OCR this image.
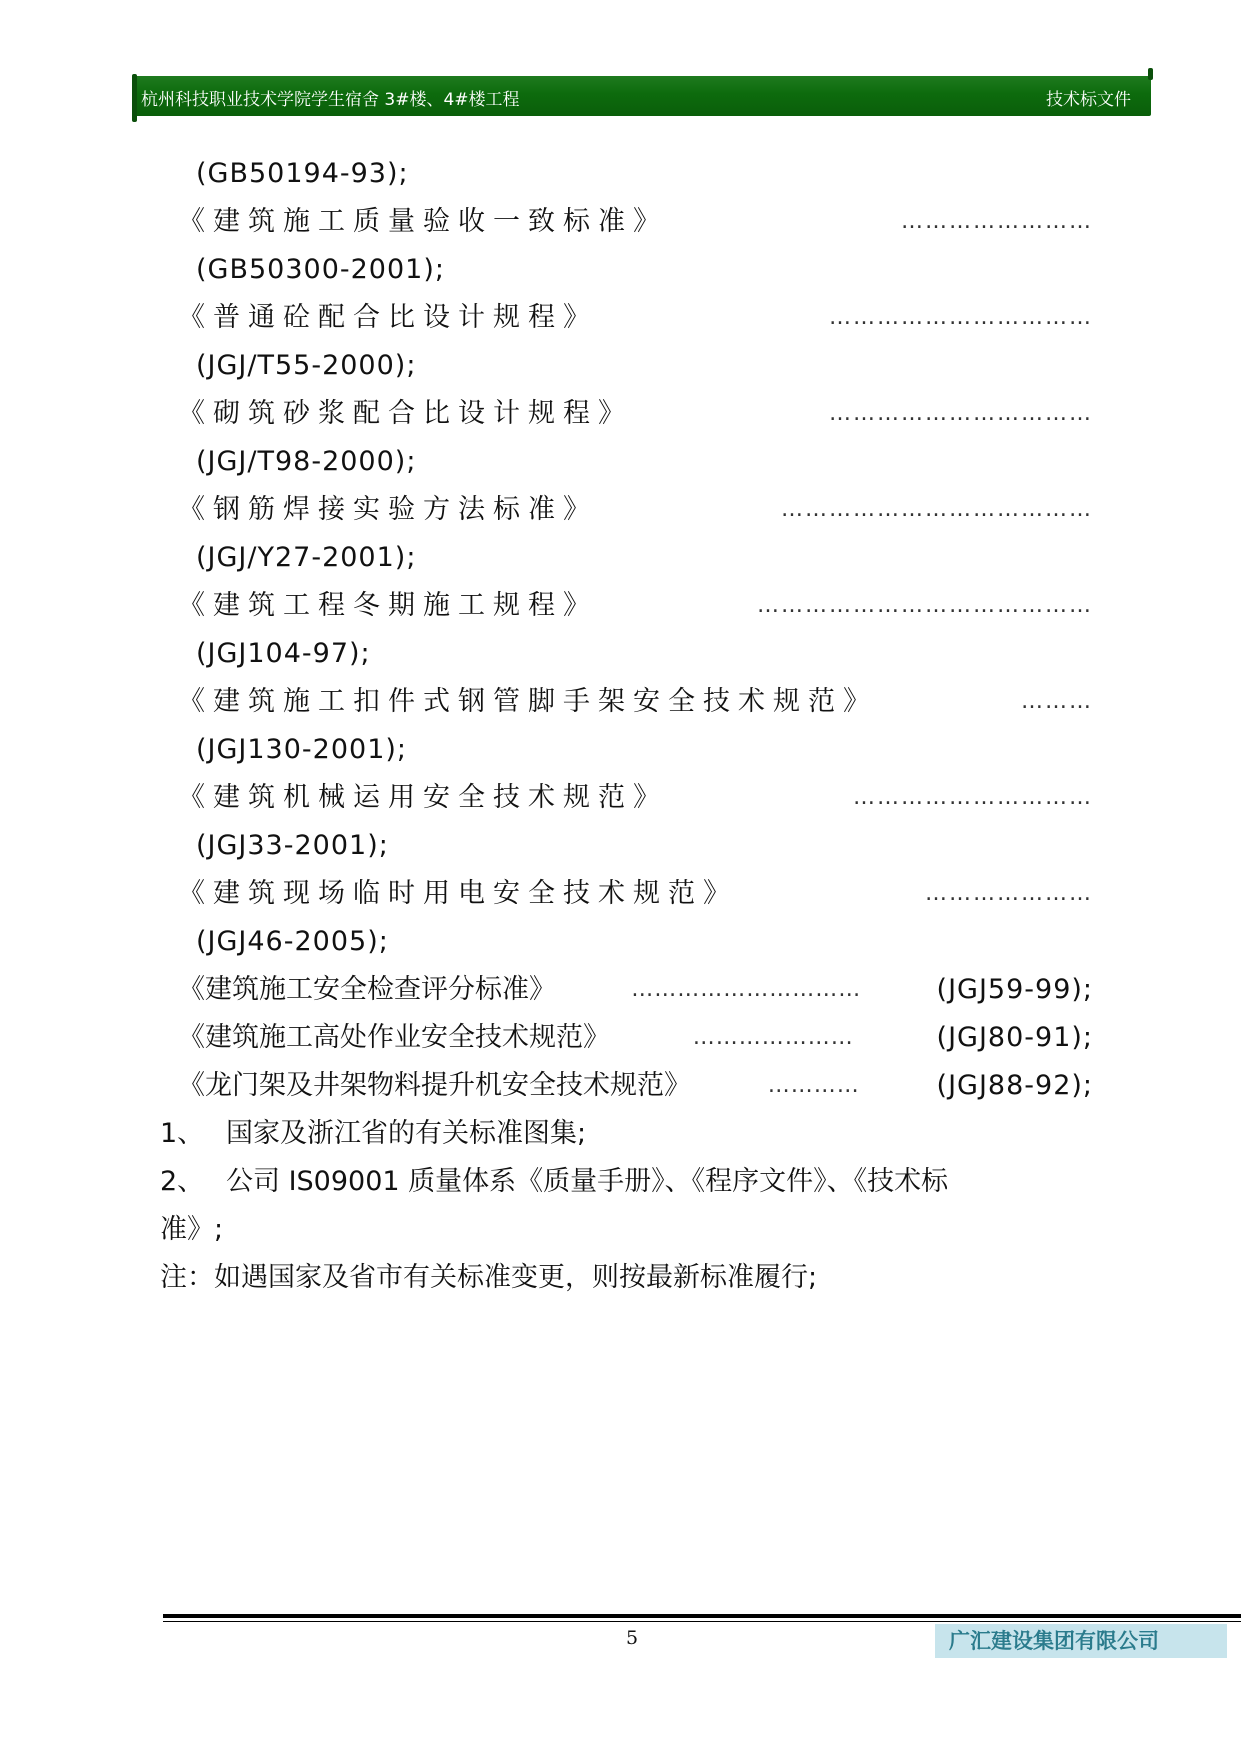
杭州科技职业技术学院学生宿舍 3#楼、4#楼工程	技术标文件
(GB50194-93);
《建筑施工质量验收一致标准》	……………………
(GB50300-2001);
《普通砼配合比设计规程》	……………………………
(JGJ/T55-2000);
《砌筑砂浆配合比设计规程》	……………………………
(JGJ/T98-2000);
《钢筋焊接实验方法标准》	…………………………………
(JGJ/Y27-2001);
《建筑工程冬期施工规程》	……………………………………
(JGJ104-97);
《建筑施工扣件式钢管脚手架安全技术规范》	………
(JGJ130-2001);
《建筑机械运用安全技术规范》	…………………………
(JGJ33-2001);
《建筑现场临时用电安全技术规范》	…………………
(JGJ46-2005);
《建筑施工安全检查评分标准》	…………………………	(JGJ59-99);
《建筑施工高处作业安全技术规范》	…………………	(JGJ80-91);
《龙门架及井架物料提升机安全技术规范》	…………	(JGJ88-92);
1、 国家及浙江省的有关标准图集;
2、 公司 IS09001 质量体系《质量手册》、《程序文件》、《技术标
准》;
注：如遇国家及省市有关标准变更，则按最新标准履行;
5	广汇建设集团有限公司
